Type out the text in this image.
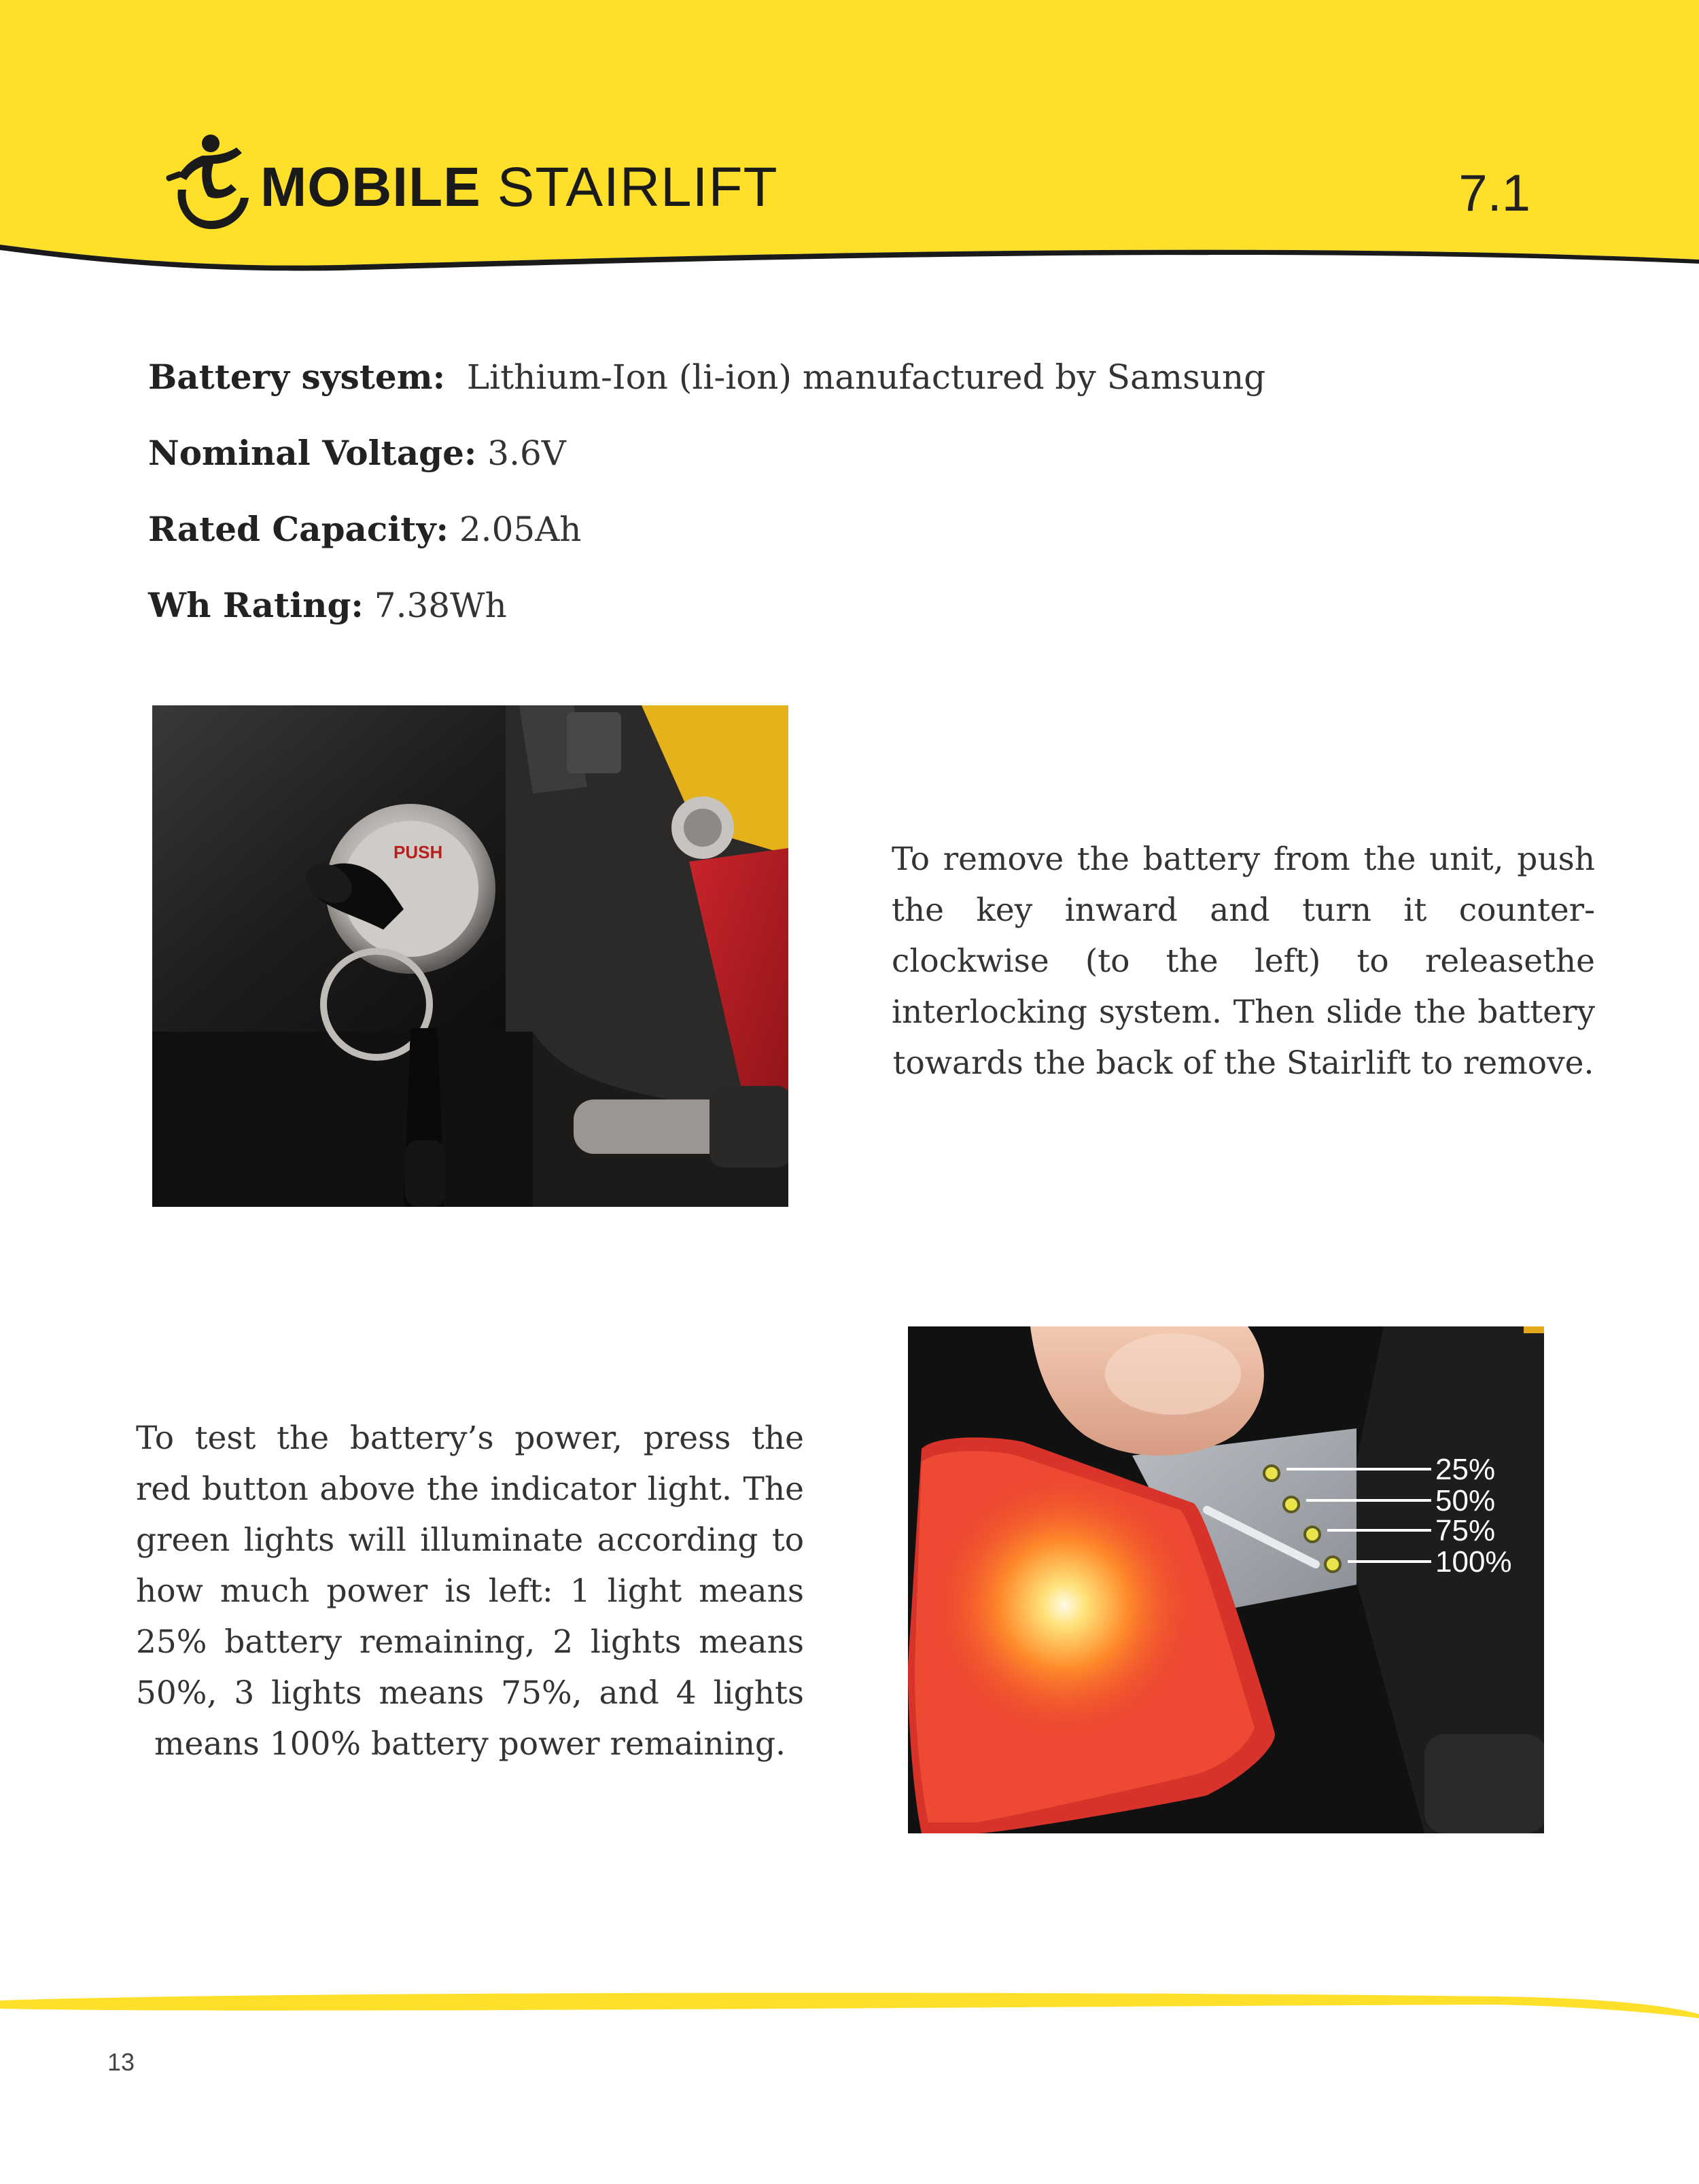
MOBILE STAIRLIFT	7.1
Battery system: Lithium-Ion (li-ion) manufactured by Samsung
Nominal Voltage: 3.6V
Rated Capacity: 2.05Ah
Wh Rating: 7.38Wh
PUSH	To remove the battery from the unit, push the key inward and turn it counter-clockwise (to the left) to releasethe interlocking system. Then slide the battery towards the back of the Stairlift to remove.

To test the battery’s power, press the red button above the indicator light. The green lights will illuminate according to how much power is left: 1 light means 25% battery remaining, 2 lights means 50%, 3 lights means 75%, and 4 lights means 100% battery power remaining.

25%
50%
75%
100%
13
